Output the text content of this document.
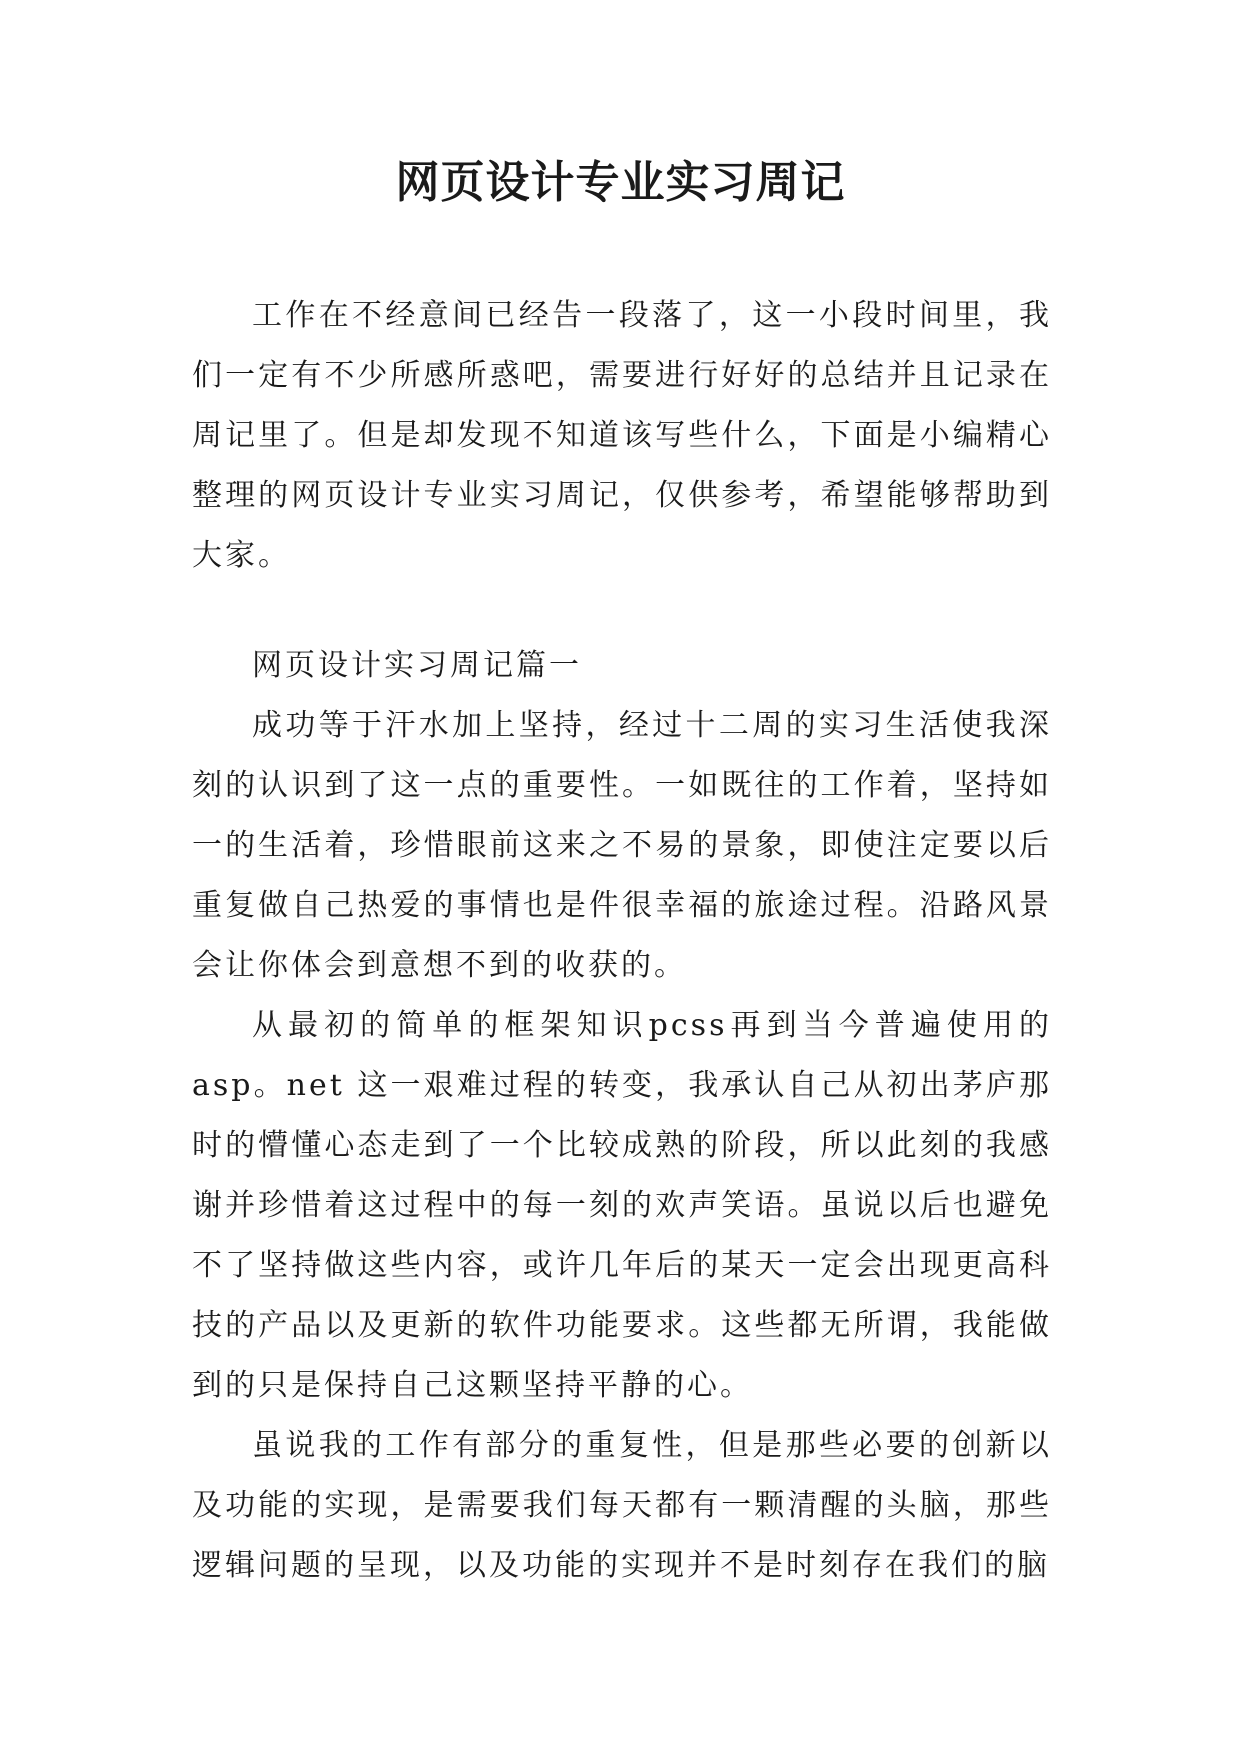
网页设计专业实习周记

工作在不经意间已经告一段落了，这一小段时间里，我们一定有不少所感所惑吧，需要进行好好的总结并且记录在周记里了。但是却发现不知道该写些什么，下面是小编精心整理的网页设计专业实习周记，仅供参考，希望能够帮助到大家。

网页设计实习周记篇一

成功等于汗水加上坚持，经过十二周的实习生活使我深刻的认识到了这一点的重要性。一如既往的工作着，坚持如一的生活着，珍惜眼前这来之不易的景象，即使注定要以后重复做自己热爱的事情也是件很幸福的旅途过程。沿路风景会让你体会到意想不到的收获的。

从最初的简单的框架知识pcss再到当今普遍使用的asp。net 这一艰难过程的转变，我承认自己从初出茅庐那时的懵懂心态走到了一个比较成熟的阶段，所以此刻的我感谢并珍惜着这过程中的每一刻的欢声笑语。虽说以后也避免不了坚持做这些内容，或许几年后的某天一定会出现更高科技的产品以及更新的软件功能要求。这些都无所谓，我能做到的只是保持自己这颗坚持平静的心。

虽说我的工作有部分的重复性，但是那些必要的创新以及功能的实现，是需要我们每天都有一颗清醒的头脑，那些逻辑问题的呈现，以及功能的实现并不是时刻存在我们的脑
